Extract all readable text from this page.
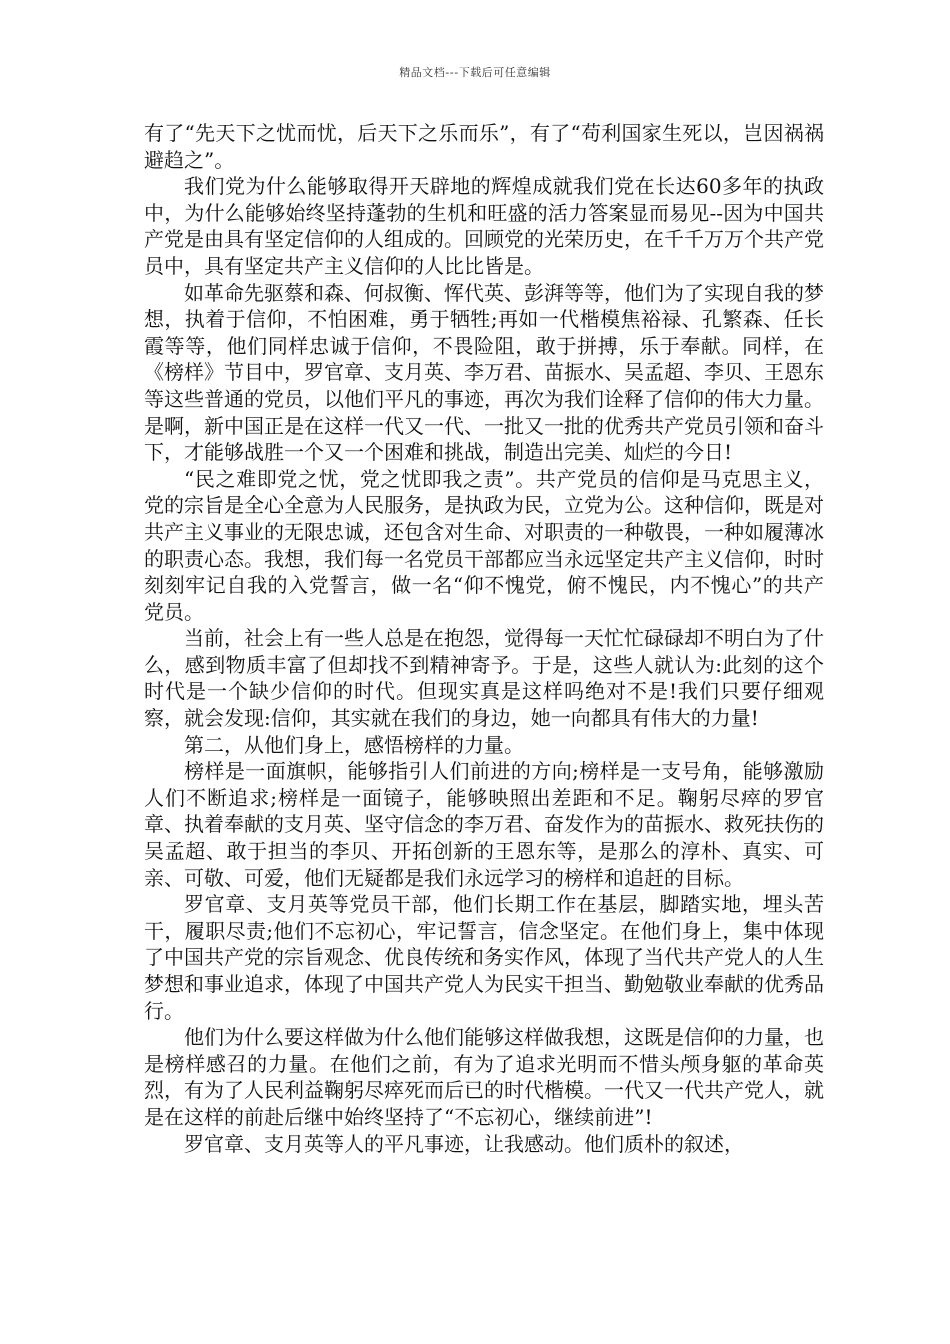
精品文档---下载后可任意编辑

有了“先天下之忧而忧，后天下之乐而乐”，有了“苟利国家生死以，岂因祸祸避趋之”。

我们党为什么能够取得开天辟地的辉煌成就我们党在长达60多年的执政中，为什么能够始终坚持蓬勃的生机和旺盛的活力答案显而易见--因为中国共产党是由具有坚定信仰的人组成的。回顾党的光荣历史，在千千万万个共产党员中，具有坚定共产主义信仰的人比比皆是。

如革命先驱蔡和森、何叔衡、恽代英、彭湃等等，他们为了实现自我的梦想，执着于信仰，不怕困难，勇于牺牲;再如一代楷模焦裕禄、孔繁森、任长霞等等，他们同样忠诚于信仰，不畏险阻，敢于拼搏，乐于奉献。同样，在《榜样》节目中，罗官章、支月英、李万君、苗振水、吴孟超、李贝、王恩东等这些普通的党员，以他们平凡的事迹，再次为我们诠释了信仰的伟大力量。是啊，新中国正是在这样一代又一代、一批又一批的优秀共产党员引领和奋斗下，才能够战胜一个又一个困难和挑战，制造出完美、灿烂的今日!

“民之难即党之忧，党之忧即我之责”。共产党员的信仰是马克思主义，党的宗旨是全心全意为人民服务，是执政为民，立党为公。这种信仰，既是对共产主义事业的无限忠诚，还包含对生命、对职责的一种敬畏，一种如履薄冰的职责心态。我想，我们每一名党员干部都应当永远坚定共产主义信仰，时时刻刻牢记自我的入党誓言，做一名“仰不愧党，俯不愧民，内不愧心”的共产党员。

当前，社会上有一些人总是在抱怨，觉得每一天忙忙碌碌却不明白为了什么，感到物质丰富了但却找不到精神寄予。于是，这些人就认为:此刻的这个时代是一个缺少信仰的时代。但现实真是这样吗绝对不是!我们只要仔细观察，就会发现:信仰，其实就在我们的身边，她一向都具有伟大的力量!

第二，从他们身上，感悟榜样的力量。

榜样是一面旗帜，能够指引人们前进的方向;榜样是一支号角，能够激励人们不断追求;榜样是一面镜子，能够映照出差距和不足。鞠躬尽瘁的罗官章、执着奉献的支月英、坚守信念的李万君、奋发作为的苗振水、救死扶伤的吴孟超、敢于担当的李贝、开拓创新的王恩东等，是那么的淳朴、真实、可亲、可敬、可爱，他们无疑都是我们永远学习的榜样和追赶的目标。

罗官章、支月英等党员干部，他们长期工作在基层，脚踏实地，埋头苦干，履职尽责;他们不忘初心，牢记誓言，信念坚定。在他们身上，集中体现了中国共产党的宗旨观念、优良传统和务实作风，体现了当代共产党人的人生梦想和事业追求，体现了中国共产党人为民实干担当、勤勉敬业奉献的优秀品行。

他们为什么要这样做为什么他们能够这样做我想，这既是信仰的力量，也是榜样感召的力量。在他们之前，有为了追求光明而不惜头颅身躯的革命英烈，有为了人民利益鞠躬尽瘁死而后已的时代楷模。一代又一代共产党人，就是在这样的前赴后继中始终坚持了“不忘初心，继续前进”!

罗官章、支月英等人的平凡事迹，让我感动。他们质朴的叙述，
